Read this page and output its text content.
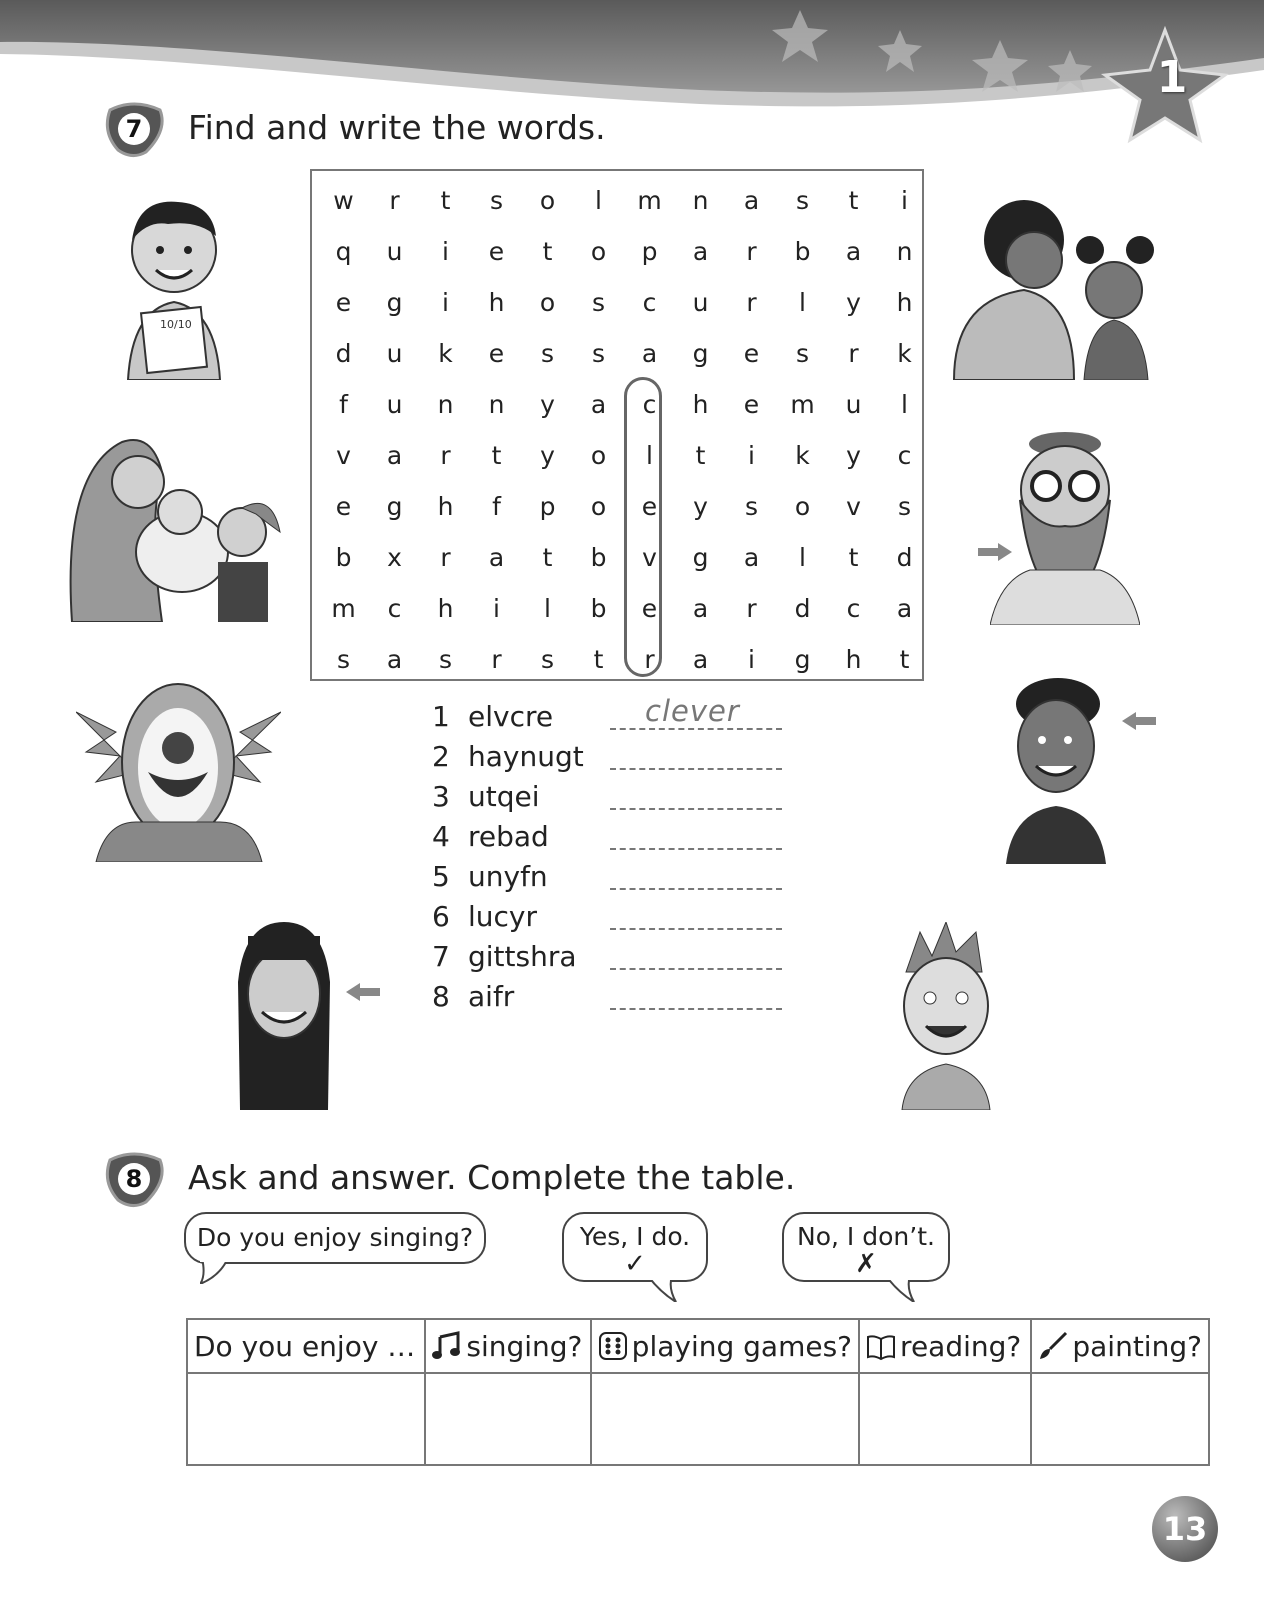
1
7	Find and write the words.
w	r	t	s	o	l	m	n	a	s	t	i
q	u	i	e	t	o	p	a	r	b	a	n
e	g	i	h	o	s	c	u	r	l	y	h
d	u	k	e	s	s	a	g	e	s	r	k
f	u	n	n	y	a	c	h	e	m	u	l
v	a	r	t	y	o	l	t	i	k	y	c
e	g	h	f	p	o	e	y	s	o	v	s
b	x	r	a	t	b	v	g	a	l	t	d
m	c	h	i	l	b	e	a	r	d	c	a
s	a	s	r	s	t	r	a	i	g	h	t
1 elvcre	clever
2 haynugt
3 utqei
4 rebad
5 unyfn
6 lucyr
7 gittshra
8 aifr
10/10
8	Ask and answer. Complete the table.
Do you enjoy singing?	Yes, I do.
✓
No, I don’t.
✗
Do you enjoy …	singing?	playing games?	reading?	painting?

13
